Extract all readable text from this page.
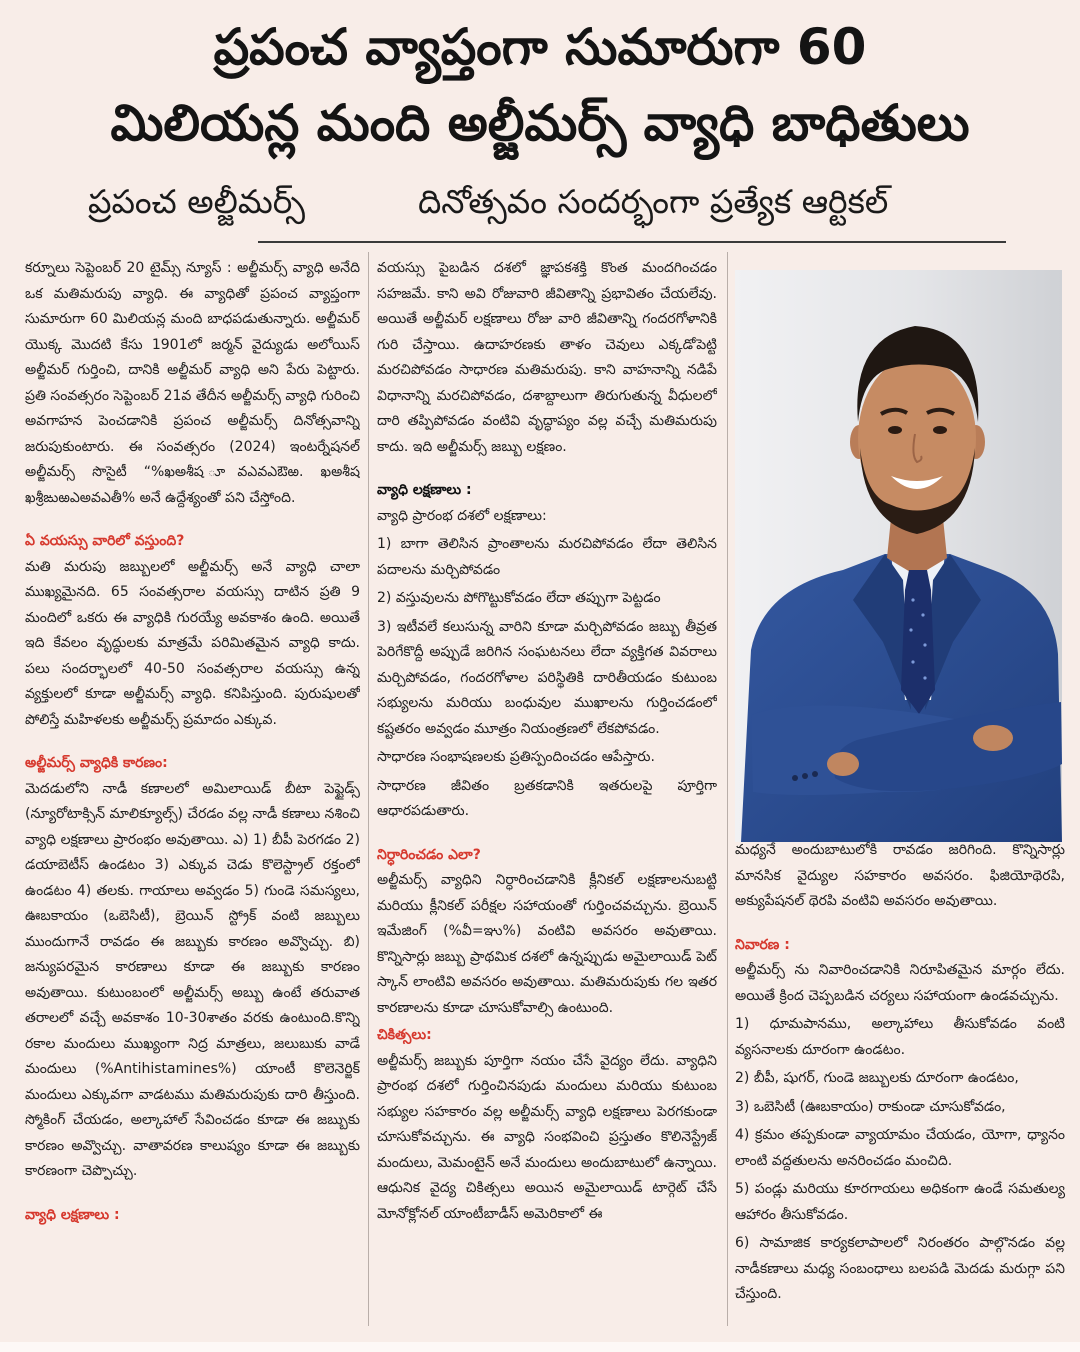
ప్రపంచ వ్యాప్తంగా సుమారుగా 60
మిలియన్ల మంది అల్జీమర్స్ వ్యాధి బాధితులు
ప్రపంచ అల్జీమర్స్	దినోత్సవం సందర్భంగా ప్రత్యేక ఆర్టికల్

కర్నూలు సెప్టెంబర్ 20 టైమ్స్ న్యూస్ : అల్జీమర్స్ వ్యాధి అనేది ఒక మతిమరుపు వ్యాధి. ఈ వ్యాధితో ప్రపంచ వ్యాప్తంగా సుమారుగా 60 మిలియన్ల మంది బాధపడుతున్నారు. అల్జీమర్ యొక్క మొదటి కేసు 1901లో జర్మన్ వైద్యుడు అలోయిస్ అల్జీమర్ గుర్తించి, దానికి అల్జీమర్ వ్యాధి అని పేరు పెట్టారు. ప్రతి సంవత్సరం సెప్టెంబర్ 21వ తేదీన అల్జీమర్స్ వ్యాధి గురించి అవగాహన పెంచడానికి ప్రపంచ అల్జీమర్స్ దినోత్సవాన్ని జరుపుకుంటారు. ఈ సంవత్సరం (2024) ఇంటర్నేషనల్ అల్జీమర్స్ సొసైటీ “%ఖఅశీష ూవఎవఎఔఱ. ఖఅశీష ఖశ్రీఙుఱఎఅవఎతీ% అనే ఉద్దేశ్యంతో పని చేస్తోంది.

ఏ వయస్సు వారిలో వస్తుంది?

మతి మరుపు జబ్బులలో అల్జీమర్స్ అనే వ్యాధి చాలా ముఖ్యమైనది. 65 సంవత్సరాల వయస్సు దాటిన ప్రతి 9 మందిలో ఒకరు ఈ వ్యాధికి గురయ్యే అవకాశం ఉంది. అయితే ఇది కేవలం వృద్ధులకు మాత్రమే పరిమితమైన వ్యాధి కాదు. పలు సందర్భాలలో 40-50 సంవత్సరాల వయస్సు ఉన్న వ్యక్తులలో కూడా అల్జీమర్స్ వ్యాధి. కనిపిస్తుంది. పురుషులతో పోలిస్తే మహిళలకు అల్జీమర్స్ ప్రమాదం ఎక్కువ.

అల్జీమర్స్ వ్యాధికి కారణం:

మెదడులోని నాడీ కణాలలో అమిలాయిడ్ బీటా పెప్టైడ్స్ (న్యూరోటాక్సిన్ మాలిక్యూల్స్) చేరడం వల్ల నాడీ కణాలు నశించి వ్యాధి లక్షణాలు ప్రారంభం అవుతాయి. ఎ) 1) బీపీ పెరగడం 2) డయాబెటీస్ ఉండటం 3) ఎక్కువ చెడు కొలెస్ట్రాల్ రక్తంలో ఉండటం 4) తలకు. గాయాలు అవ్వడం 5) గుండె సమస్యలు, ఊబకాయం (ఒబెసిటీ), బ్రెయిన్ స్ట్రోక్ వంటి జబ్బులు ముందుగానే రావడం ఈ జబ్బుకు కారణం అవ్వొచ్చు. బి) జన్యుపరమైన కారణాలు కూడా ఈ జబ్బుకు కారణం అవుతాయి. కుటుంబంలో అల్జీమర్స్ అబ్బు ఉంటే తరువాత తరాలలో వచ్చే అవకాశం 10-30శాతం వరకు ఉంటుంది.కొన్ని రకాల మందులు ముఖ్యంగా నిద్ర మాత్రలు, జలుబుకు వాడే మందులు (%Antihistamines%) యాంటీ కొలెనెర్జిక్ మందులు ఎక్కువగా వాడటము మతిమరుపుకు దారి తీస్తుంది. స్మోకింగ్ చేయడం, అల్కాహాల్ సేవించడం కూడా ఈ జబ్బుకు కారణం అవ్వొచ్చు. వాతావరణ కాలుష్యం కూడా ఈ జబ్బుకు కారణంగా చెప్పొచ్చు.

వ్యాధి లక్షణాలు :

వయస్సు పైబడిన దశలో జ్ఞాపకశక్తి కొంత మందగించడం సహజమే. కాని అవి రోజువారి జీవితాన్ని ప్రభావితం చేయలేవు. అయితే అల్జీమర్ లక్షణాలు రోజు వారి జీవితాన్ని గందరగోళానికి గురి చేస్తాయి. ఉదాహరణకు తాళం చెవులు ఎక్కడోపెట్టి మరచిపోవడం సాధారణ మతిమరుపు. కాని వాహనాన్ని నడిపే విధానాన్ని మరచిపోవడం, దశాబ్దాలుగా తిరుగుతున్న వీధులలో దారి తప్పిపోవడం వంటివి వృద్ధాప్యం వల్ల వచ్చే మతిమరుపు కాదు. ఇది అల్జీమర్స్ జబ్బు లక్షణం.

వ్యాధి లక్షణాలు :

వ్యాధి ప్రారంభ దశలో లక్షణాలు:

1) బాగా తెలిసిన ప్రాంతాలను మరచిపోవడం లేదా తెలిసిన పదాలను మర్చిపోవడం

2) వస్తువులను పోగొట్టుకోవడం లేదా తప్పుగా పెట్టడం

3) ఇటీవలే కలుసున్న వారిని కూడా మర్చిపోవడం జబ్బు తీవ్రత పెరిగేకొద్దీ అప్పుడే జరిగిన సంఘటనలు లేదా వ్యక్తిగత వివరాలు మర్చిపోవడం, గందరగోళాల పరిస్థితికి దారితీయడం కుటుంబ సభ్యులను మరియు బంధువుల ముఖాలను గుర్తించడంలో కష్టతరం అవ్వడం మూత్రం నియంత్రణలో లేకపోవడం.

సాధారణ సంభాషణలకు ప్రతిస్పందించడం ఆపేస్తారు.

సాధారణ జీవితం బ్రతకడానికి ఇతరులపై పూర్తిగా ఆధారపడుతారు.

నిర్ధారించడం ఎలా?

అల్జీమర్స్ వ్యాధిని నిర్ధారించడానికి క్లీనికల్ లక్షణాలనుబట్టి మరియు క్లీనికల్ పరీక్షల సహాయంతో గుర్తించవచ్చును. బ్రెయిన్ ఇమేజింగ్ (%వీ=ఞు%) వంటివి అవసరం అవుతాయి. కొన్నిసార్లు జబ్బు ప్రాథమిక దశలో ఉన్నప్పుడు అమైలాయిడ్ పెట్ స్కాన్ లాంటివి అవసరం అవుతాయి. మతిమరుపుకు గల ఇతర కారణాలను కూడా చూసుకోవాల్సి ఉంటుంది.

చికిత్సలు:

అల్జీమర్స్ జబ్బుకు పూర్తిగా నయం చేసే వైద్యం లేదు. వ్యాధిని ప్రారంభ దశలో గుర్తించినపుడు మందులు మరియు కుటుంబ సభ్యుల సహకారం వల్ల అల్జీమర్స్ వ్యాధి లక్షణాలు పెరగకుండా చూసుకోవచ్చును. ఈ వ్యాధి సంభవించి ప్రస్తుతం కొలినెస్ట్రేజ్ మందులు, మెమంటైన్ అనే మందులు అందుబాటులో ఉన్నాయి. ఆధునిక వైద్య చికిత్సలు అయిన అమైలాయిడ్ టార్గెట్ చేసే మోనోక్లోనల్ యాంటీబాడీస్ అమెరికాలో ఈ

మధ్యనే అందుబాటులోకి రావడం జరిగింది. కొన్నిసార్లు మానసిక వైద్యుల సహకారం అవసరం. ఫిజియోథెరపి, అక్యుపేషనల్ థెరపి వంటివి అవసరం అవుతాయి.

నివారణ :

అల్జీమర్స్ ను నివారించడానికి నిరూపితమైన మార్గం లేదు. అయితే క్రింద చెప్పబడిన చర్యలు సహాయంగా ఉండవచ్చును.

1) ధూమపానము, అల్కాహాలు తీసుకోవడం వంటి వ్యసనాలకు దూరంగా ఉండటం.

2) బీపీ, షుగర్, గుండె జబ్బులకు దూరంగా ఉండటం,

3) ఒబెసిటీ (ఊబకాయం) రాకుండా చూసుకోవడం,

4) క్రమం తప్పకుండా వ్యాయామం చేయడం, యోగా, ధ్యానం లాంటి వద్దతులను అనరించడం మంచిది.

5) పండ్లు మరియు కూరగాయలు అధికంగా ఉండే సమతుల్య ఆహారం తీసుకోవడం.

6) సామాజిక కార్యకలాపాలలో నిరంతరం పాల్గొనడం వల్ల నాడీకణాలు మధ్య సంబంధాలు బలపడి మెదడు మరుగ్గా పని చేస్తుంది.
